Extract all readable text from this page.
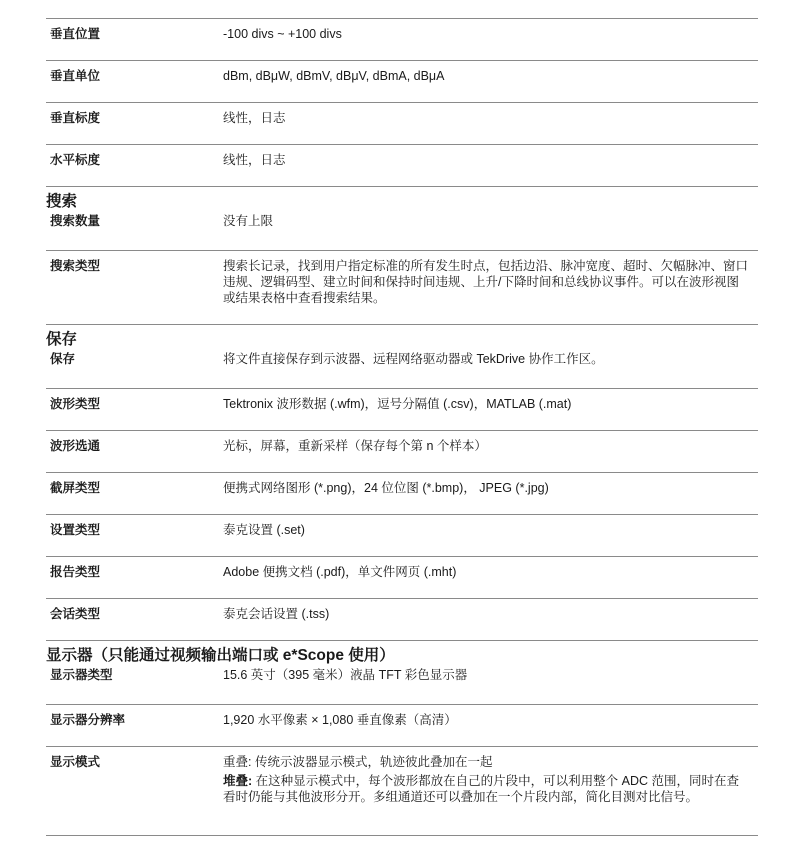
垂直位置	-100 divs ~ +100 divs
垂直单位	dBm, dBμW, dBmV, dBμV, dBmA, dBμA
垂直标度	线性，日志
水平标度	线性，日志
搜索
搜索数量	没有上限
搜索类型	搜索长记录，找到用户指定标准的所有发生时点，包括边沿、脉冲宽度、超时、欠幅脉冲、窗口违规、逻辑码型、建立时间和保持时间违规、上升/下降时间和总线协议事件。可以在波形视图或结果表格中查看搜索结果。
保存
保存	将文件直接保存到示波器、远程网络驱动器或 TekDrive 协作工作区。
波形类型	Tektronix 波形数据 (.wfm)，逗号分隔值 (.csv)，MATLAB (.mat)
波形选通	光标，屏幕，重新采样（保存每个第 n 个样本）
截屏类型	便携式网络图形 (*.png)，24 位位图 (*.bmp)， JPEG (*.jpg)
设置类型	泰克设置 (.set)
报告类型	Adobe 便携文档 (.pdf)，单文件网页 (.mht)
会话类型	泰克会话设置 (.tss)
显示器（只能通过视频输出端口或 e*Scope 使用）
显示器类型	15.6 英寸（395 毫米）液晶 TFT 彩色显示器
显示器分辨率	1,920 水平像素 × 1,080 垂直像素（高清）
显示模式	重叠: 传统示波器显示模式，轨迹彼此叠加在一起
堆叠: 在这种显示模式中，每个波形都放在自己的片段中，可以利用整个 ADC 范围，同时在查看时仍能与其他波形分开。多组通道还可以叠加在一个片段内部，简化目测对比信号。
